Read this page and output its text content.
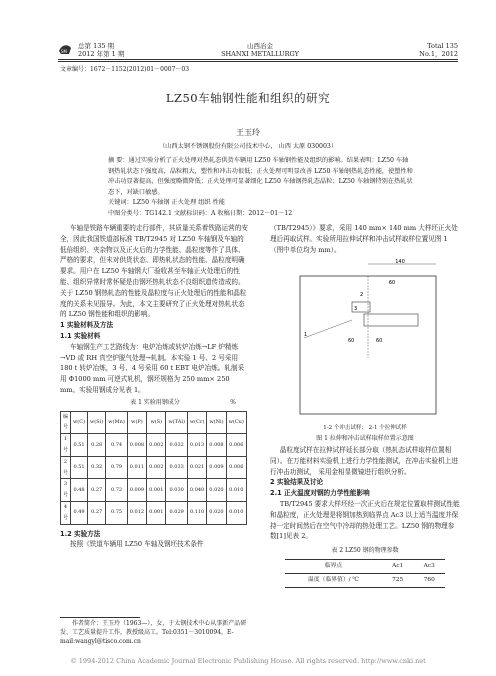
SM
总第 135 期
2012 年第 1 期
山西冶金
SHANXI METALLURGY
Total 135
No.1，2012
文章编号：1672－1152(2012)01－0007－03
LZ50车轴钢性能和组织的研究
王玉玲
（山西太钢不锈钢股份有限公司技术中心， 山西 太原 030003）
摘 要：通过实验分析了正火处理对热轧态供货车辆用 LZ50 车轴钢性能及组织的影响。结果表明：LZ50 车轴
钢热轧状态下强度高，晶粒粗大，塑性和冲击功很低；正火处理可明显改善 LZ50 车轴钢热轧态性能，使塑性和
冲击功显著提高，但强度略微降低；正火处理可显著细化 LZ50 车轴钢热轧态晶粒；LZ50 车轴钢特别在热轧状
态下，对缺口敏感。
关键词：LZ50 车轴钢 正火处理 组织 性能
中图分类号：TG142.1 文献标识码：A 收稿日期：2012－01－12

车轴是铁路车辆重要的走行部件，其质量关系着铁路运营的安全，因此我国铁道部标准 TB/T2945 对 LZ50 车轴钢及车轴的低倍组织、夹杂物以及正火后的力学性能、晶粒度等作了具体、严格的要求，但未对供货状态、即热轧状态的性能、晶粒度明确要求。用户在 LZ50 车轴钢大厂验收甚至车轴正火处理后的性能、组织异常时常怀疑是由钢坯热轧状态不良组织遗传造成的。关于 LZ50 钢热轧态的性能及晶粒度与正火处理后的性能和晶粒度的关系未见报导。为此，本文主要研究了正火处理对热轧状态的 LZ50 钢性能和组织的影响。

1 实验材料及方法
1.1 实验材料

车轴钢生产工艺路线为：电炉冶炼或转炉冶炼→LF 炉精炼→VD 或 RH 真空炉脱气处理→轧制。本实验 1 号、2 号采用 180 t 转炉冶炼，3 号、4 号采用 60 t EBT 电炉冶炼。轧制采用 Φ1000 mm 可逆式轧机，钢坯规格为 250 mm× 250 mm。实验用钢成分见表 1。

表 1 实验用钢成分	%
编号	w(C)	w(Si)	w(Mn)	w(P)	w(S)	w(TAl)	w(Cr)	w(Ni)	w(Cu)
1号	0.51	0.28	0.74	0.008	0.002	0.032	0.013	0.008	0.006
2号	0.51	0.32	0.79	0.011	0.002	0.033	0.021	0.009	0.006
3号	0.48	0.27	0.72	0.009	0.001	0.030	0.040	0.020	0.010
4号	0.49	0.27	0.75	0.012	0.001	0.029	0.110	0.020	0.010
1.2 实验方法

按照《铁道车辆用 LZ50 车轴及钢坯技术条件

作者简介：王玉玲（1963—），女，于太钢技术中心从事新产品研发、工艺质量提升工作，教授级高工。Tel:0351－3010094，E-mail:wangyl@tisco.com.cn

（TB/T2945）》要求，采用 140 mm× 140 mm 大样坯正火处理后再取试样。实验所用拉伸试样和冲击试样取样位置见图 1（图中单位均为 mm）。

140
60
2
3
60	60
1
1-2 个冲击试样； 2-1 个拉伸试样
图 1 拉伸和冲击试样取样位置示意图

晶粒度试样在拉伸试样延长部分取（热轧态试样取样位置相同）。在万能材料实验机上进行力学性能测试，在冲击实验机上进行冲击功测试， 采用金相显微镜进行组织分析。

2 实验结果及讨论
2.1 正火温度对钢的力学性能影响

TB/T2945 要求大样坯经一次正火后在规定位置取样测试性能和晶粒度，正火处理是将钢加热到临界点 Ac3 以上适当温度并保持一定时间然后在空气中冷却的热处理工艺。LZ50 钢的物理参数[1]见表 2。

表 2 LZ50 钢的物理参数
临界点	Ac1	Ac3
温度（临界值）/ ℃	725	760
© 1994-2012 China Academic Journal Electronic Publishing House. All rights reserved. http://www.cnki.net
